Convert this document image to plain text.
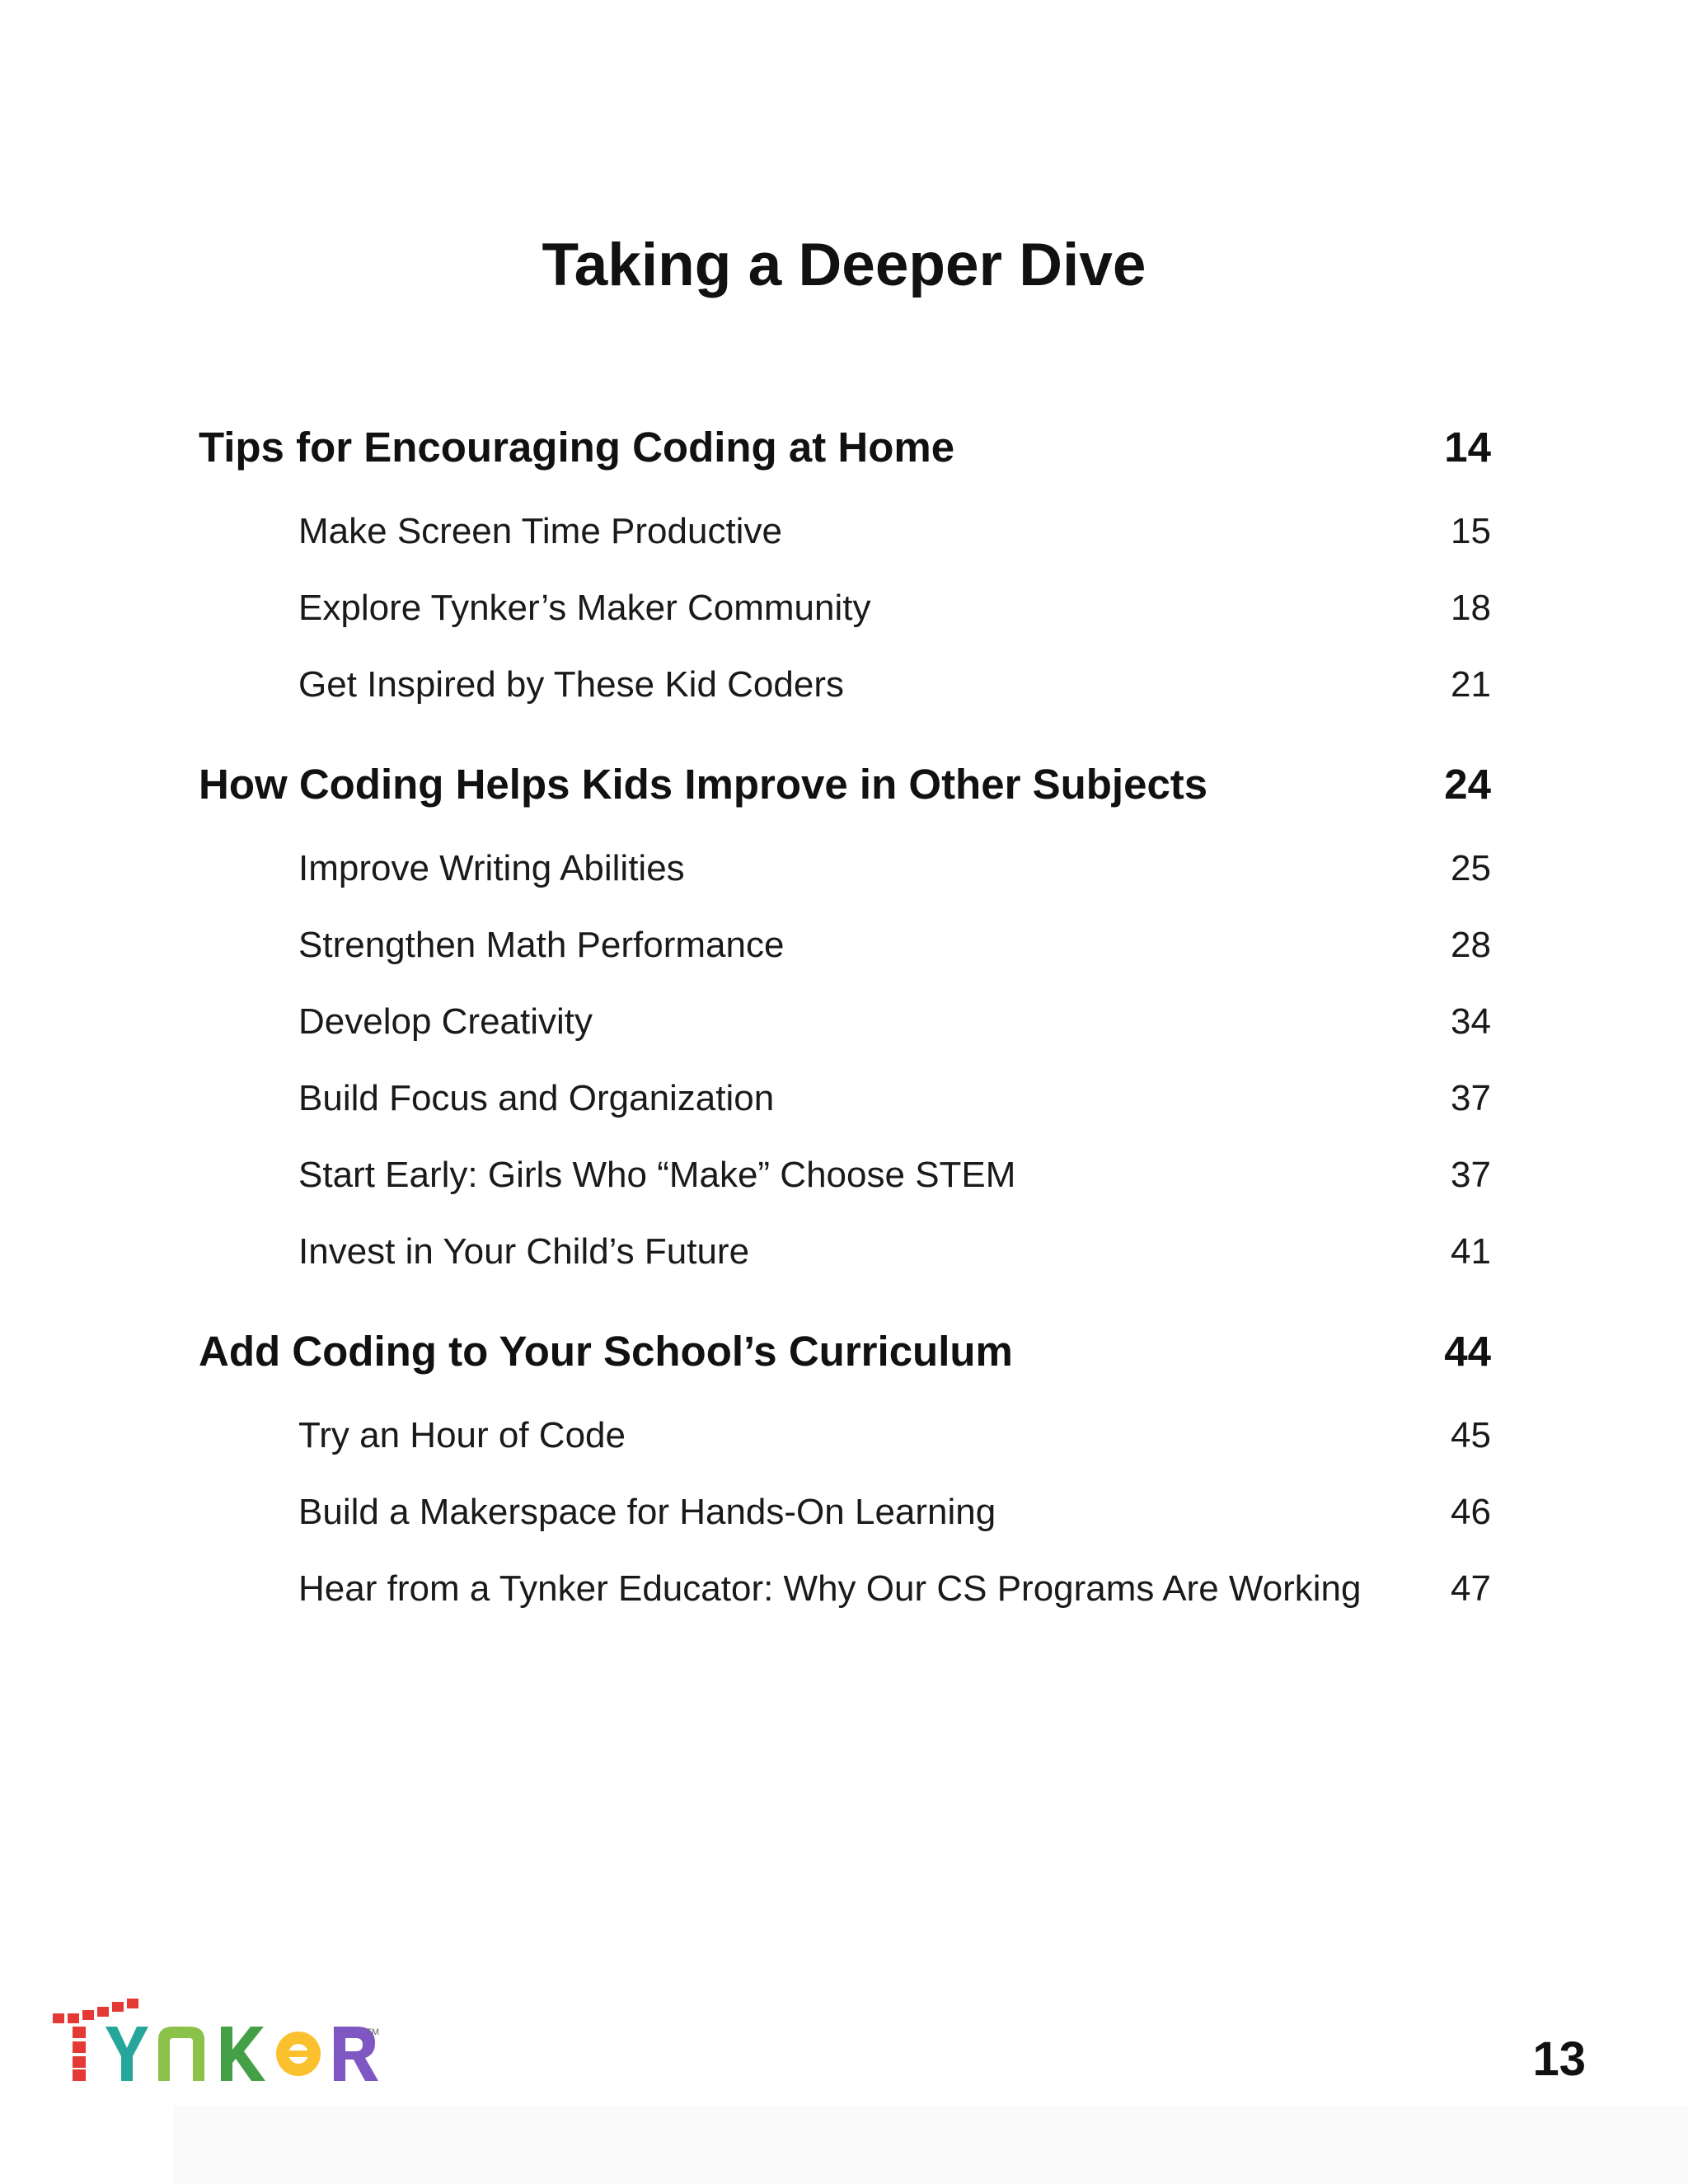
Taking a Deeper Dive
Tips for Encouraging Coding at Home	14
Make Screen Time Productive	15
Explore Tynker’s Maker Community	18
Get Inspired by These Kid Coders	21
How Coding Helps Kids Improve in Other Subjects	24
Improve Writing Abilities	25
Strengthen Math Performance	28
Develop Creativity	34
Build Focus and Organization	37
Start Early: Girls Who “Make” Choose STEM	37
Invest in Your Child’s Future	41
Add Coding to Your School’s Curriculum	44
Try an Hour of Code	45
Build a Makerspace for Hands-On Learning	46
Hear from a Tynker Educator: Why Our CS Programs Are Working	47
TM	13
